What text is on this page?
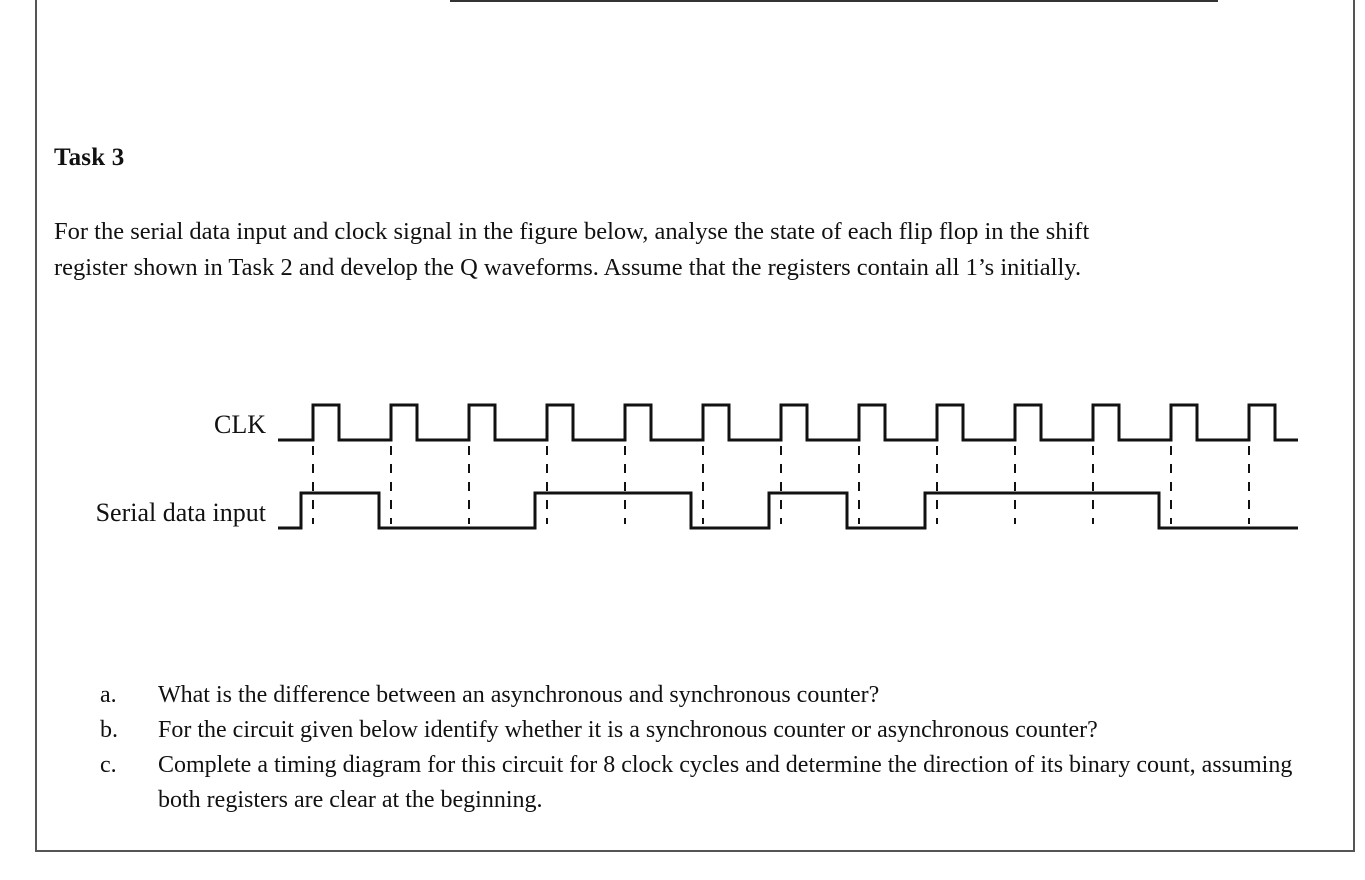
Task 3

For the serial data input and clock signal in the figure below, analyse the state of each flip flop in the shift

register shown in Task 2 and develop the Q waveforms. Assume that the registers contain all 1’s initially.

CLK
Serial data input
a.	What is the difference between an asynchronous and synchronous counter?
b.	For the circuit given below identify whether it is a synchronous counter or asynchronous counter?
c.	Complete a timing diagram for this circuit for 8 clock cycles and determine the direction of its binary count, assuming both registers are clear at the beginning.
